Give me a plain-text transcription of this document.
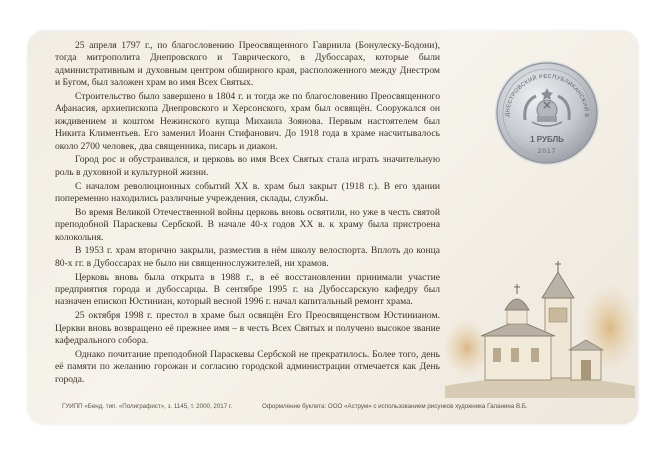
25 апреля 1797 г., по благословению Преосвященного Гавриила (Бонулеску-Бодони), тогда митрополита Днепровского и Таврического, в Дубоссарах, которые были административным и духовным центром обширного края, расположенного между Днестром и Бугом, был заложен храм во имя Всех Святых.

Строительство было завершено в 1804 г. и тогда же по благословению Преосвященного Афанасия, архиепископа Днепровского и Херсонского, храм был освящён. Сооружался он иждивением и коштом Нежинского купца Михаила Зоянова. Первым настоятелем был Никита Климентьев. Его заменил Иоанн Стифанович. До 1918 года в храме насчитывалось около 2700 человек, два священника, писарь и диакон.

Город рос и обустраивался, и церковь во имя Всех Святых стала играть значительную роль в духовной и культурной жизни.

С началом революционных событий XX в. храм был закрыт (1918 г.). В его здании попеременно находились различные учреждения, склады, службы.

Во время Великой Отечественной войны церковь вновь освятили, но уже в честь святой преподобной Параскевы Сербской. В начале 40-х годов XX в. к храму была пристроена колокольня.

В 1953 г. храм вторично закрыли, разместив в нём школу велоспорта. Вплоть до конца 80-х гг. в Дубоссарах не было ни священнослужителей, ни храмов.

Церковь вновь была открыта в 1988 г., в её восстановлении принимали участие предприятия города и дубоссарцы. В сентябре 1995 г. на Дубоссарскую кафедру был назначен епископ Юстиниан, который весной 1996 г. начал капитальный ремонт храма.

25 октября 1998 г. престол в храме был освящён Его Преосвященством Юстинианом. Церкви вновь возвращено её прежнее имя – в честь Всех Святых и получено высокое звание кафедрального собора.

Однако почитание преподобной Параскевы Сербской не прекратилось. Более того, день её памяти по желанию горожан и согласию городской администрации отмечается как День города.

ДНЕСТРОВСКИЙ РЕСПУБЛИКАНСКИЙ Б
1 РУБЛЬ
2017
ГУИПП «Бенд. тип. «Полиграфист», з. 1145, т. 2000, 2017 г.	Оформление буклета: ООО «Аструм» с использованием рисунков художника Галанина В.Б.
